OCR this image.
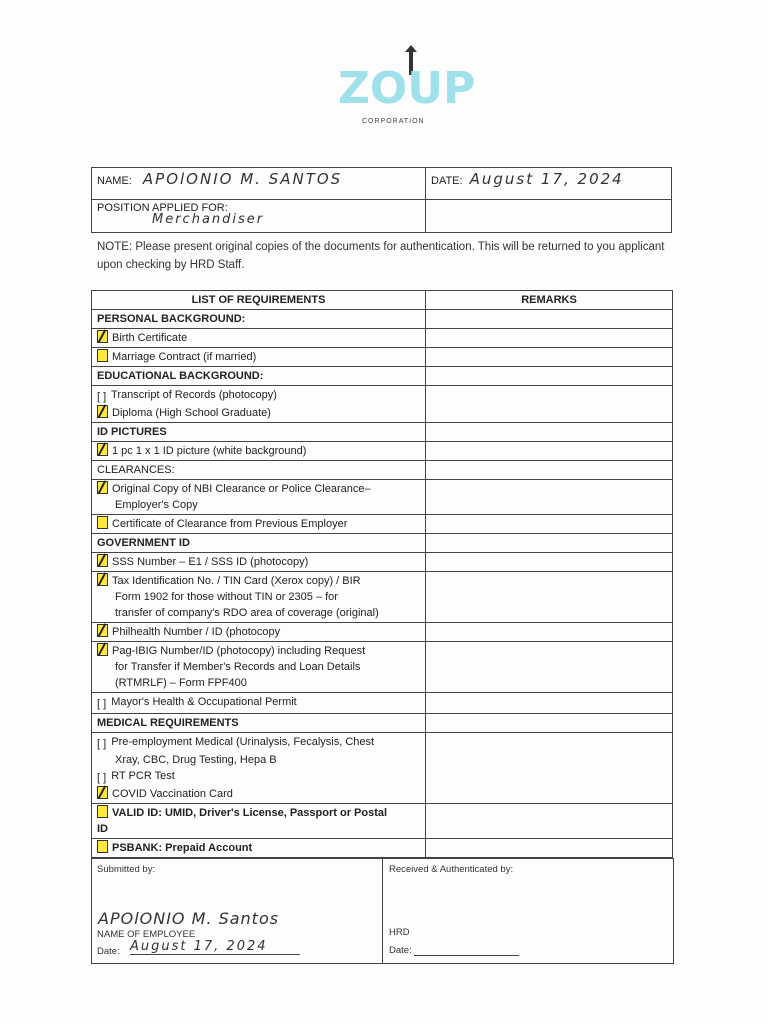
ZOUP
CORPORATION
NAME: APOlONIO M. SANTOS	DATE: August 17, 2024

POSITION APPLIED FOR:
Merchandiser	

NOTE: Please present original copies of the documents for authentication. This will be returned to you applicant upon checking by HRD Staff.
LIST OF REQUIREMENTS	REMARKS
PERSONAL BACKGROUND:	
Birth Certificate	
Marriage Contract (if married)	
EDUCATIONAL BACKGROUND:	

[ ] Transcript of Records (photocopy)
Diploma (High School Graduate)	

ID PICTURES	
1 pc 1 x 1 ID picture (white background)	
CLEARANCES:	

Original Copy of NBI Clearance or Police Clearance–
Employer's Copy	

Certificate of Clearance from Previous Employer	
GOVERNMENT ID	
SSS Number – E1 / SSS ID (photocopy)	

Tax Identification No. / TIN Card (Xerox copy) / BIR
Form 1902 for those without TIN or 2305 – for
transfer of company's RDO area of coverage (original)	

Philhealth Number / ID (photocopy	

Pag-IBIG Number/ID (photocopy) including Request
for Transfer if Member's Records and Loan Details
(RTMRLF) – Form FPF400	

[ ] Mayor's Health & Occupational Permit	
MEDICAL REQUIREMENTS	

[ ] Pre-employment Medical (Urinalysis, Fecalysis, Chest
Xray, CBC, Drug Testing, Hepa B
[ ] RT PCR Test
COVID Vaccination Card	

VALID ID: UMID, Driver's License, Passport or Postal
ID	

PSBANK: Prepaid Account	
Submitted by:
APOlONIO M. Santos
NAME OF EMPLOYEE
Date: August 17, 2024
Received & Authenticated by:
HRD
Date:
